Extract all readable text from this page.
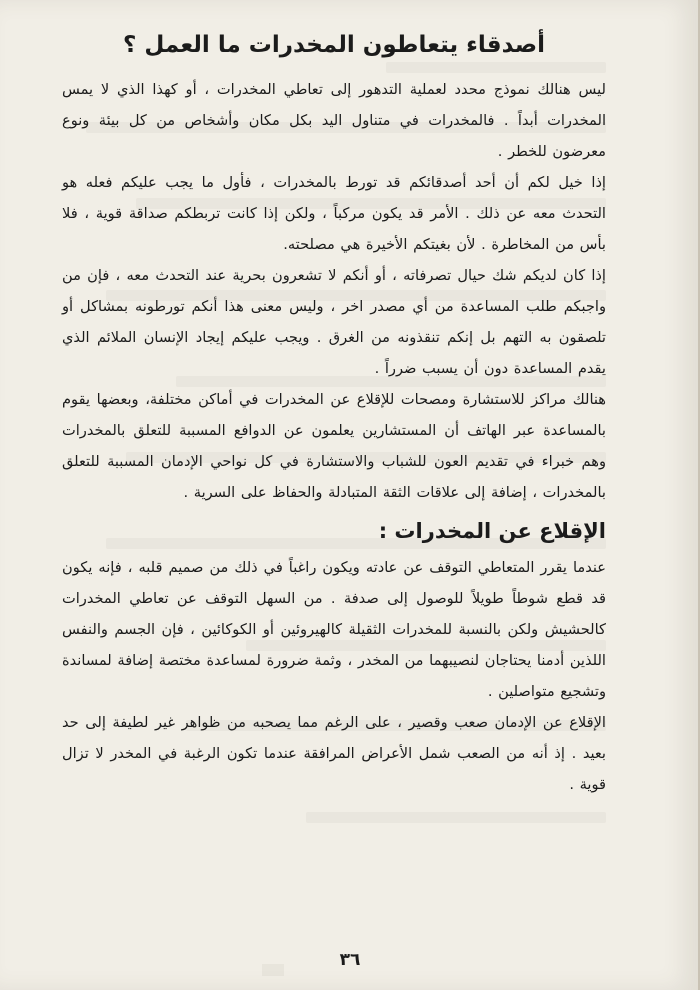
أصدقاء يتعاطون المخدرات ما العمل ؟

ليس هنالك نموذج محدد لعملية التدهور إلى تعاطي المخدرات ، أو كهذا الذي لا يمس المخدرات أبداً . فالمخدرات في متناول اليد بكل مكان وأشخاص من كل بيئة ونوع معرضون للخطر .

إذا خيل لكم أن أحد أصدقائكم قد تورط بالمخدرات ، فأول ما يجب عليكم فعله هو التحدث معه عن ذلك . الأمر قد يكون مركباً ، ولكن إذا كانت تربطكم صداقة قوية ، فلا بأس من المخاطرة . لأن بغيتكم الأخيرة هي مصلحته.

إذا كان لديكم شك حيال تصرفاته ، أو أنكم لا تشعرون بحرية عند التحدث معه ، فإن من واجبكم طلب المساعدة من أي مصدر اخر ، وليس معنى هذا أنكم تورطونه بمشاكل أو تلصقون به التهم بل إنكم تنقذونه من الغرق . ويجب عليكم إيجاد الإنسان الملائم الذي يقدم المساعدة دون أن يسبب ضرراً .

هنالك مراكز للاستشارة ومصحات للإقلاع عن المخدرات في أماكن مختلفة، وبعضها يقوم بالمساعدة عبر الهاتف أن المستشارين يعلمون عن الدوافع المسببة للتعلق بالمخدرات وهم خبراء في تقديم العون للشباب والاستشارة في كل نواحي الإدمان المسببة للتعلق بالمخدرات ، إضافة إلى علاقات الثقة المتبادلة والحفاظ على السرية .

الإقلاع عن المخدرات :

عندما يقرر المتعاطي التوقف عن عادته ويكون راغباً في ذلك من صميم قلبه ، فإنه يكون قد قطع شوطاً طويلاً للوصول إلى صدفة . من السهل التوقف عن تعاطي المخدرات كالحشيش ولكن بالنسبة للمخدرات الثقيلة كالهيروئين أو الكوكائين ، فإن الجسم والنفس اللذين أدمنا يحتاجان لنصيبهما من المخدر ، وثمة ضرورة لمساعدة مختصة إضافة لمساندة وتشجيع متواصلين .

الإقلاع عن الإدمان صعب وقصير ، على الرغم مما يصحبه من ظواهر غير لطيفة إلى حد بعيد . إذ أنه من الصعب شمل الأعراض المرافقة عندما تكون الرغبة في المخدر لا تزال قوية .

٣٦
